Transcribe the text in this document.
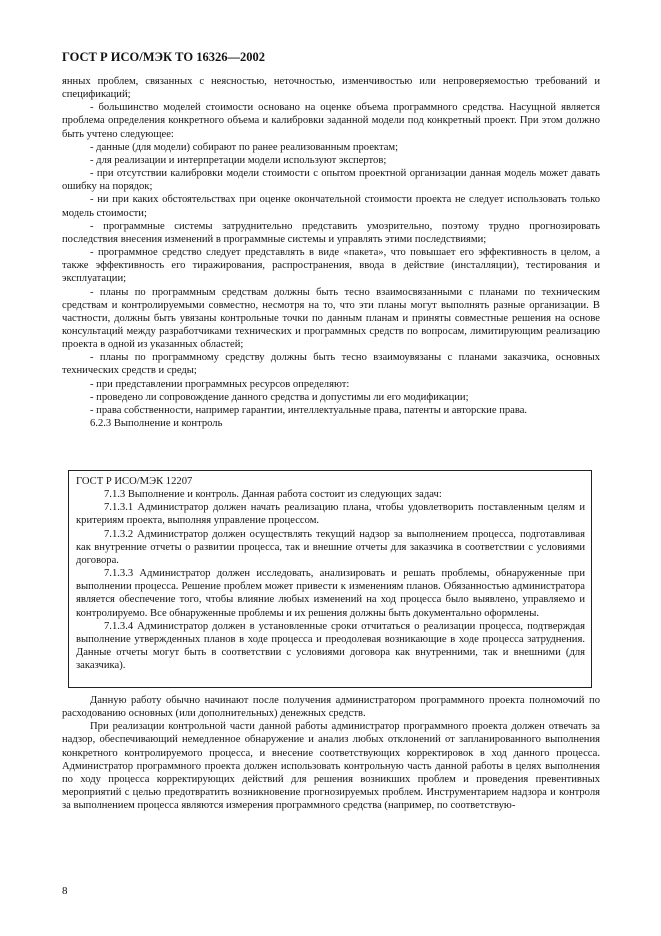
ГОСТ Р ИСО/МЭК ТО 16326—2002

янных проблем, связанных с неясностью, неточностью, изменчивостью или непроверяемостью требований и спецификаций;

- большинство моделей стоимости основано на оценке объема программного средства. Насущной является проблема определения конкретного объема и калибровки заданной модели под конкретный проект. При этом должно быть учтено следующее:

- данные (для модели) собирают по ранее реализованным проектам;

- для реализации и интерпретации модели используют экспертов;

- при отсутствии калибровки модели стоимости с опытом проектной организации данная модель может давать ошибку на порядок;

- ни при каких обстоятельствах при оценке окончательной стоимости проекта не следует использовать только модель стоимости;

- программные системы затруднительно представить умозрительно, поэтому трудно прогнозировать последствия внесения изменений в программные системы и управлять этими последствиями;

- программное средство следует представлять в виде «пакета», что повышает его эффективность в целом, а также эффективность его тиражирования, распространения, ввода в действие (инсталляции), тестирования и эксплуатации;

- планы по программным средствам должны быть тесно взаимосвязанными с планами по техническим средствам и контролируемыми совместно, несмотря на то, что эти планы могут выполнять разные организации. В частности, должны быть увязаны контрольные точки по данным планам и приняты совместные решения на основе консультаций между разработчиками технических и программных средств по вопросам, лимитирующим реализацию проекта в одной из указанных областей;

- планы по программному средству должны быть тесно взаимоувязаны с планами заказчика, основных технических средств и среды;

- при представлении программных ресурсов определяют:

- проведено ли сопровождение данного средства и допустимы ли его модификации;

- права собственности, например гарантии, интеллектуальные права, патенты и авторские права.

6.2.3 Выполнение и контроль

ГОСТ Р ИСО/МЭК 12207

7.1.3 Выполнение и контроль. Данная работа состоит из следующих задач:

7.1.3.1 Администратор должен начать реализацию плана, чтобы удовлетворить поставленным целям и критериям проекта, выполняя управление процессом.

7.1.3.2 Администратор должен осуществлять текущий надзор за выполнением процесса, подготавливая как внутренние отчеты о развитии процесса, так и внешние отчеты для заказчика в соответствии с условиями договора.

7.1.3.3 Администратор должен исследовать, анализировать и решать проблемы, обнаруженные при выполнении процесса. Решение проблем может привести к изменениям планов. Обязанностью администратора является обеспечение того, чтобы влияние любых изменений на ход процесса было выявлено, управляемо и контролируемо. Все обнаруженные проблемы и их решения должны быть документально оформлены.

7.1.3.4 Администратор должен в установленные сроки отчитаться о реализации процесса, подтверждая выполнение утвержденных планов в ходе процесса и преодолевая возникающие в ходе процесса затруднения. Данные отчеты могут быть в соответствии с условиями договора как внутренними, так и внешними (для заказчика).

Данную работу обычно начинают после получения администратором программного проекта полномочий по расходованию основных (или дополнительных) денежных средств.

При реализации контрольной части данной работы администратор программного проекта должен отвечать за надзор, обеспечивающий немедленное обнаружение и анализ любых отклонений от запланированного выполнения конкретного контролируемого процесса, и внесение соответствующих корректировок в ход данного процесса. Администратор программного проекта должен использовать контрольную часть данной работы в целях выполнения по ходу процесса корректирующих действий для решения возникших проблем и проведения превентивных мероприятий с целью предотвратить возникновение прогнозируемых проблем. Инструментарием надзора и контроля за выполнением процесса являются измерения программного средства (например, по соответствую-

8
